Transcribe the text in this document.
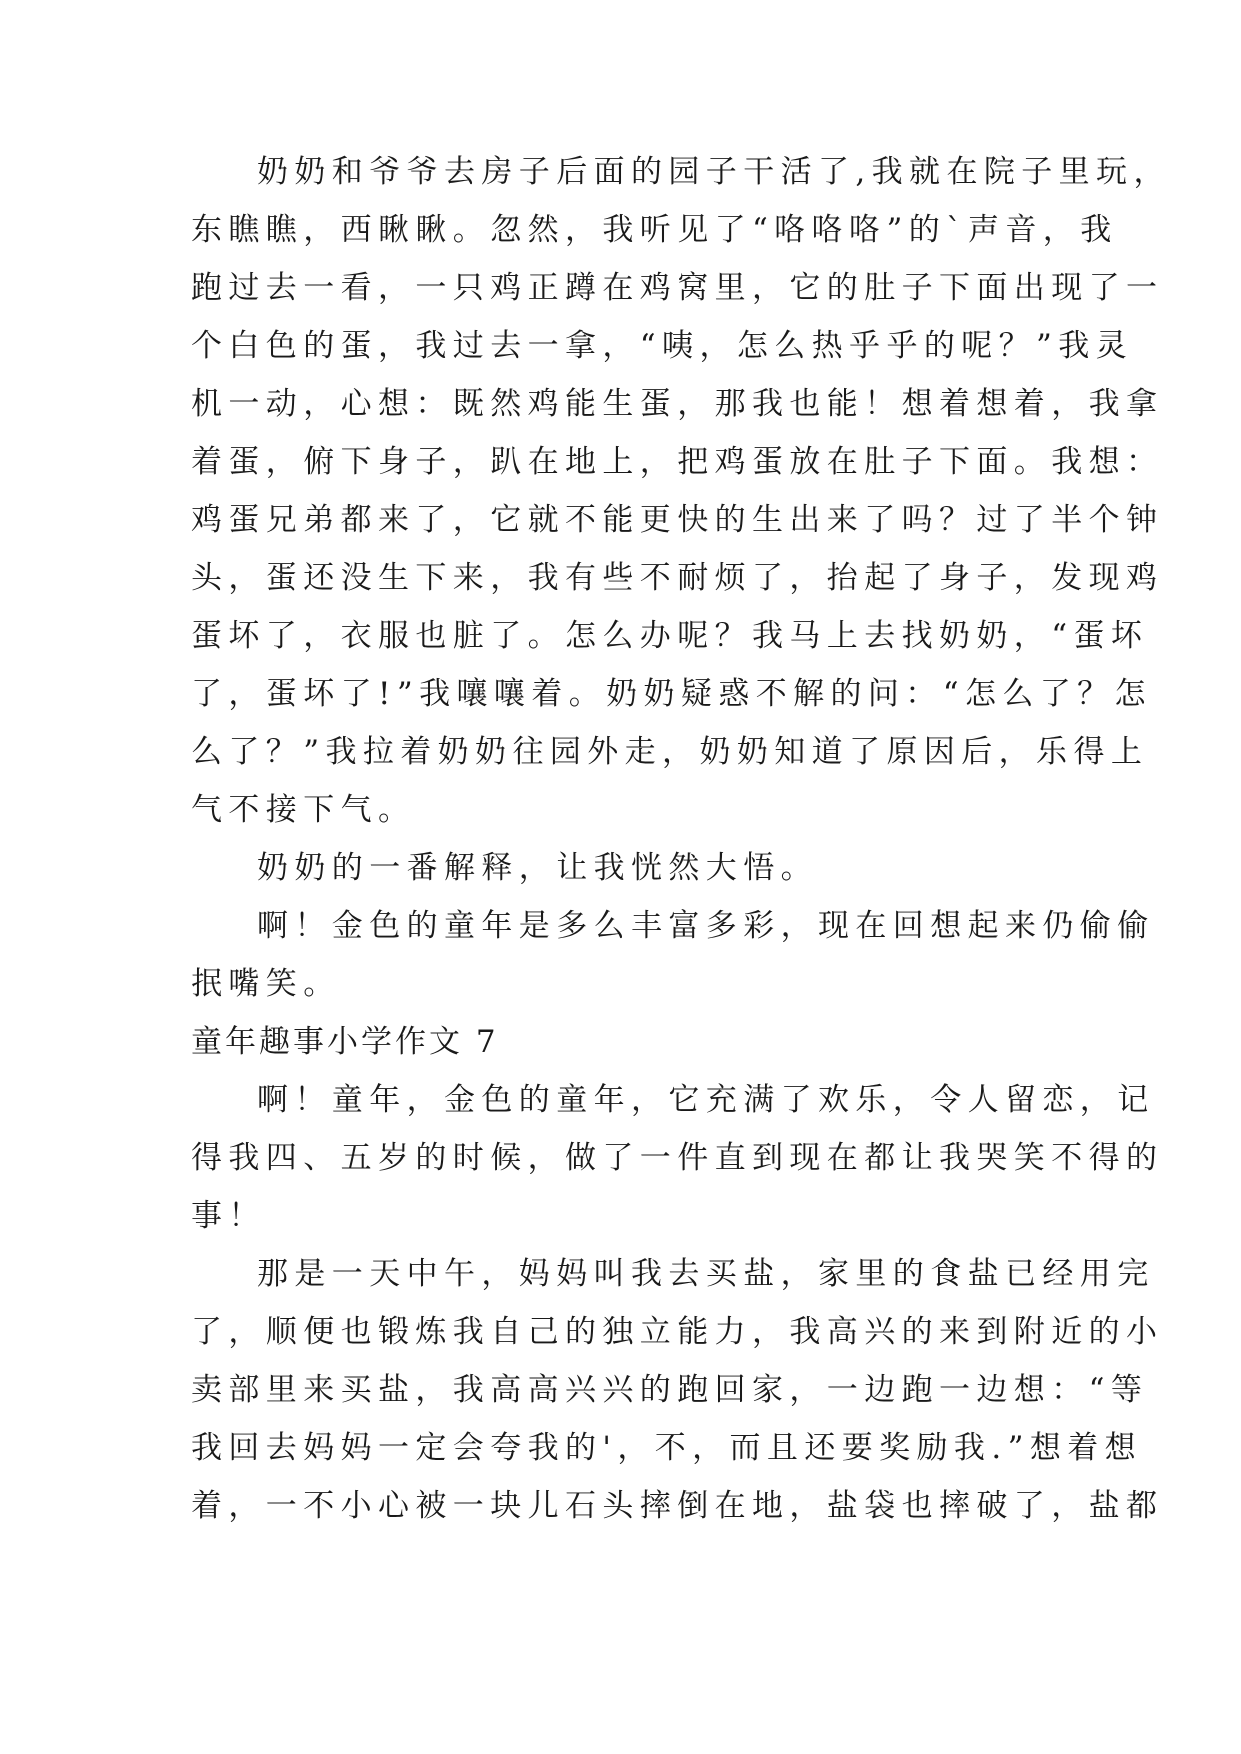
奶奶和爷爷去房子后面的园子干活了,我就在院子里玩，
东瞧瞧，西瞅瞅。忽然，我听见了“咯咯咯”的`声音，我
跑过去一看，一只鸡正蹲在鸡窝里，它的肚子下面出现了一
个白色的蛋，我过去一拿，“咦，怎么热乎乎的呢？”我灵
机一动，心想：既然鸡能生蛋，那我也能！想着想着，我拿
着蛋，俯下身子，趴在地上，把鸡蛋放在肚子下面。我想：
鸡蛋兄弟都来了，它就不能更快的生出来了吗？过了半个钟
头，蛋还没生下来，我有些不耐烦了，抬起了身子，发现鸡
蛋坏了，衣服也脏了。怎么办呢？我马上去找奶奶，“蛋坏
了，蛋坏了!”我嚷嚷着。奶奶疑惑不解的问：“怎么了？怎
么了？”我拉着奶奶往园外走，奶奶知道了原因后，乐得上
气不接下气。
奶奶的一番解释，让我恍然大悟。
啊！金色的童年是多么丰富多彩，现在回想起来仍偷偷
抿嘴笑。
童年趣事小学作文 7
啊！童年，金色的童年，它充满了欢乐，令人留恋，记
得我四、五岁的时候，做了一件直到现在都让我哭笑不得的
事！
那是一天中午，妈妈叫我去买盐，家里的食盐已经用完
了，顺便也锻炼我自己的独立能力，我高兴的来到附近的小
卖部里来买盐，我高高兴兴的跑回家，一边跑一边想：“等
我回去妈妈一定会夸我的'，不，而且还要奖励我.”想着想
着，一不小心被一块儿石头摔倒在地，盐袋也摔破了，盐都
